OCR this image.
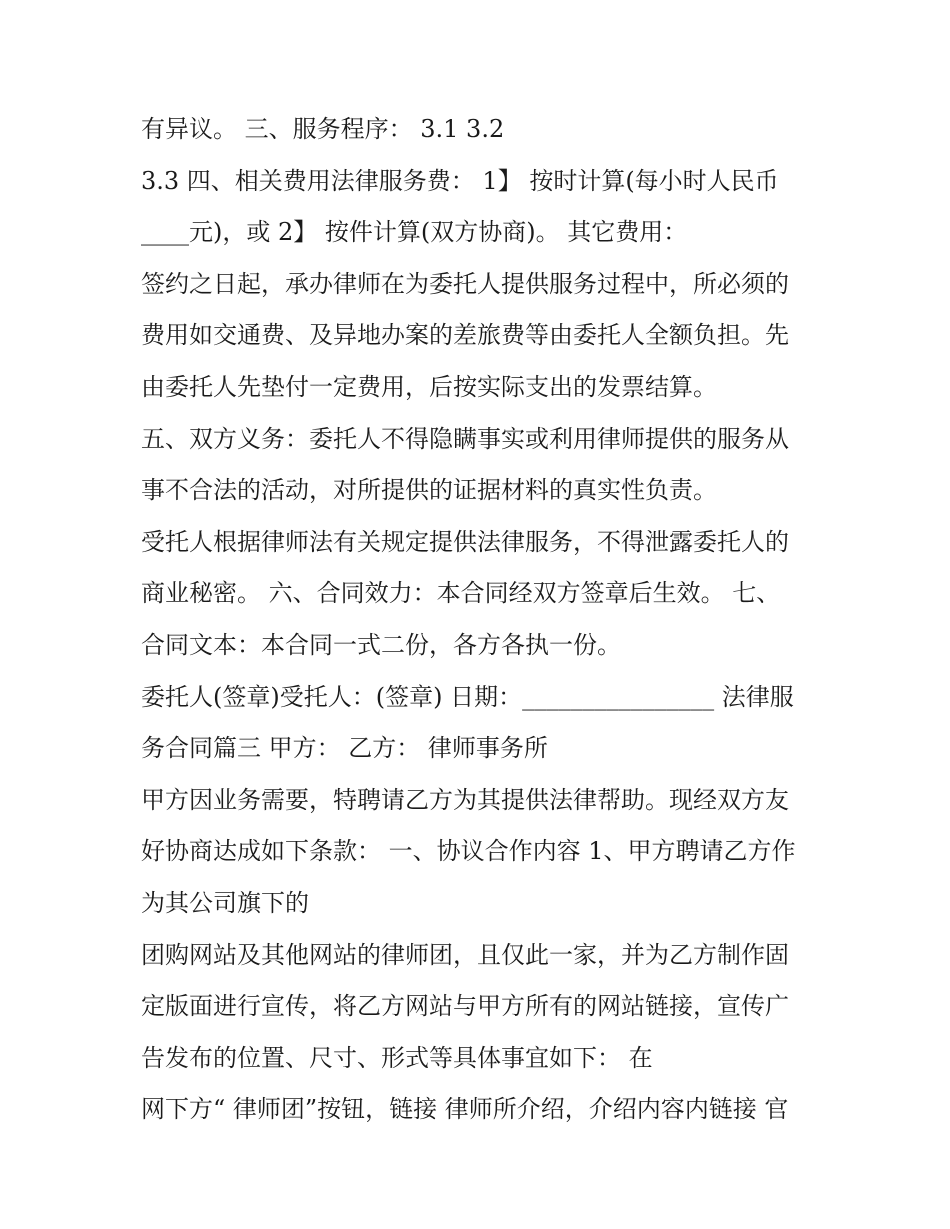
有异议。 三、服务程序： 3.1 3.2
3.3 四、相关费用法律服务费： 1】 按时计算(每小时人民币
____元)，或 2】 按件计算(双方协商)。 其它费用：
签约之日起，承办律师在为委托人提供服务过程中，所必须的
费用如交通费、及异地办案的差旅费等由委托人全额负担。先
由委托人先垫付一定费用，后按实际支出的发票结算。
五、双方义务：委托人不得隐瞒事实或利用律师提供的服务从
事不合法的活动，对所提供的证据材料的真实性负责。
受托人根据律师法有关规定提供法律服务，不得泄露委托人的
商业秘密。 六、合同效力：本合同经双方签章后生效。 七、
合同文本：本合同一式二份，各方各执一份。
委托人(签章)受托人：(签章) 日期：________________ 法律服
务合同篇三 甲方： 乙方： 律师事务所
甲方因业务需要，特聘请乙方为其提供法律帮助。现经双方友
好协商达成如下条款： 一、协议合作内容 1、甲方聘请乙方作
为其公司旗下的
团购网站及其他网站的律师团，且仅此一家，并为乙方制作固
定版面进行宣传，将乙方网站与甲方所有的网站链接，宣传广
告发布的位置、尺寸、形式等具体事宜如下： 在
网下方“ 律师团”按钮，链接 律师所介绍，介绍内容内链接 官
